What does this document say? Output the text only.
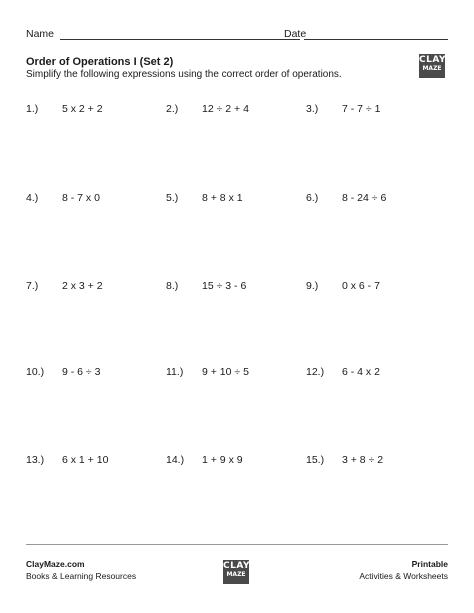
Name	Date
Order of Operations I (Set 2)
Simplify the following expressions using the correct order of operations.
CLAY
MAZE
1.) 5 x 2 + 2	2.) 12 ÷ 2 + 4	3.) 7 - 7 ÷ 1
4.) 8 - 7 x 0	5.) 8 + 8 x 1	6.) 8 - 24 ÷ 6
7.) 2 x 3 + 2	8.) 15 ÷ 3 - 6	9.) 0 x 6 - 7
10.) 9 - 6 ÷ 3	11.) 9 + 10 ÷ 5	12.) 6 - 4 x 2
13.) 6 x 1 + 10	14.) 1 + 9 x 9	15.) 3 + 8 ÷ 2
ClayMaze.com
Books & Learning Resources
CLAY
MAZE
Printable
Activities & Worksheets
